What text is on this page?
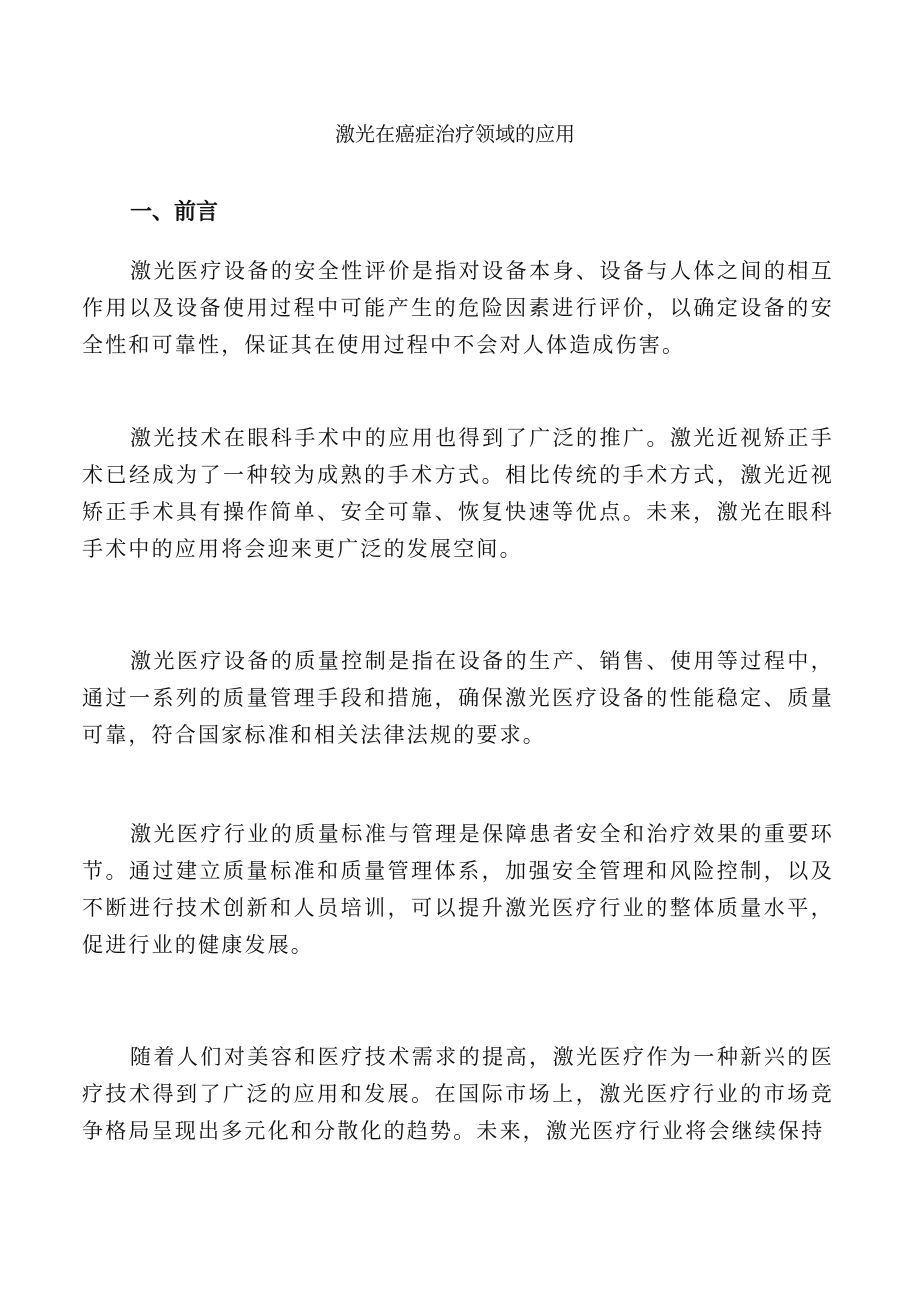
激光在癌症治疗领域的应用
一、前言

激光医疗设备的安全性评价是指对设备本身、设备与人体之间的相互作用以及设备使用过程中可能产生的危险因素进行评价，以确定设备的安全性和可靠性，保证其在使用过程中不会对人体造成伤害。

激光技术在眼科手术中的应用也得到了广泛的推广。激光近视矫正手术已经成为了一种较为成熟的手术方式。相比传统的手术方式，激光近视矫正手术具有操作简单、安全可靠、恢复快速等优点。未来，激光在眼科手术中的应用将会迎来更广泛的发展空间。

激光医疗设备的质量控制是指在设备的生产、销售、使用等过程中，通过一系列的质量管理手段和措施，确保激光医疗设备的性能稳定、质量可靠，符合国家标准和相关法律法规的要求。

激光医疗行业的质量标准与管理是保障患者安全和治疗效果的重要环节。通过建立质量标准和质量管理体系，加强安全管理和风险控制，以及不断进行技术创新和人员培训，可以提升激光医疗行业的整体质量水平，促进行业的健康发展。

随着人们对美容和医疗技术需求的提高，激光医疗作为一种新兴的医疗技术得到了广泛的应用和发展。在国际市场上，激光医疗行业的市场竞争格局呈现出多元化和分散化的趋势。未来，激光医疗行业将会继续保持
